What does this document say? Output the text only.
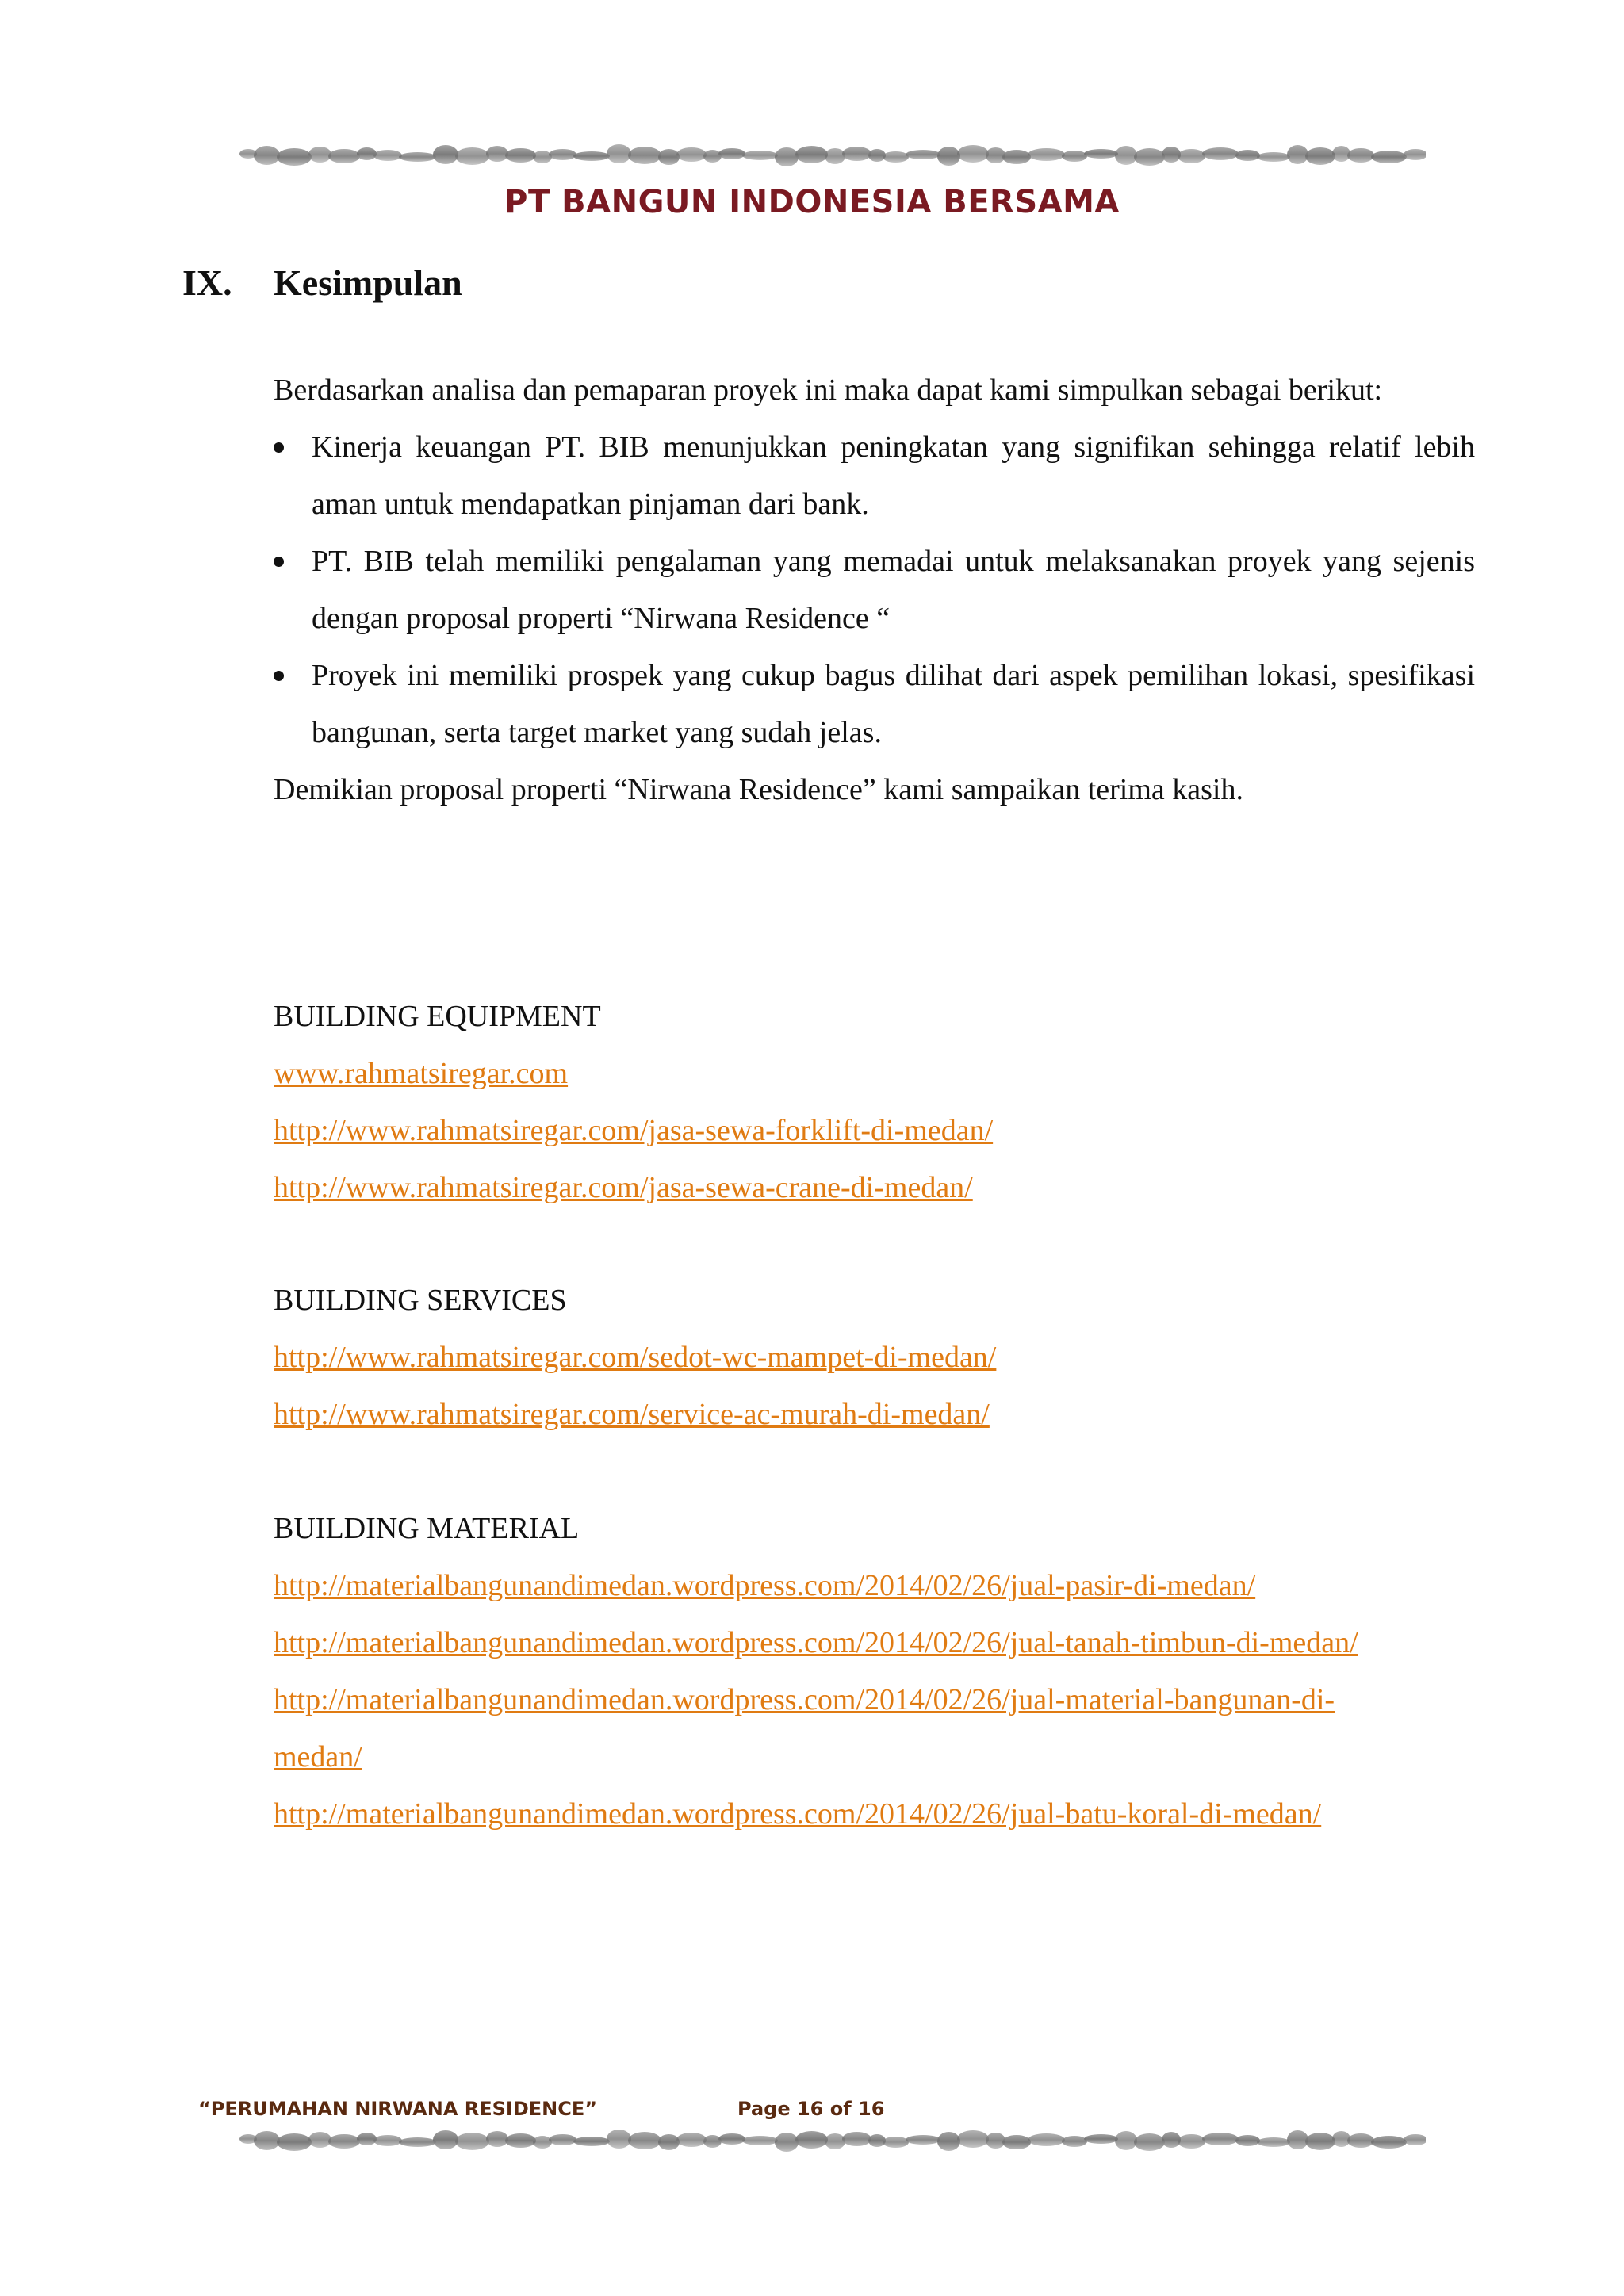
PT BANGUN INDONESIA BERSAMA
IX.	Kesimpulan

Berdasarkan analisa dan pemaparan proyek ini maka dapat kami simpulkan sebagai berikut:

Kinerja keuangan PT. BIB menunjukkan peningkatan yang signifikan sehingga relatif lebih aman untuk mendapatkan pinjaman dari bank.
PT. BIB telah memiliki pengalaman yang memadai untuk melaksanakan proyek yang sejenis dengan proposal properti “Nirwana Residence “
Proyek ini memiliki prospek yang cukup bagus dilihat dari aspek pemilihan lokasi, spesifikasi bangunan, serta target market yang sudah jelas.

Demikian proposal properti “Nirwana Residence” kami sampaikan terima kasih.

BUILDING EQUIPMENT
www.rahmatsiregar.com
http://www.rahmatsiregar.com/jasa-sewa-forklift-di-medan/
http://www.rahmatsiregar.com/jasa-sewa-crane-di-medan/
BUILDING SERVICES
http://www.rahmatsiregar.com/sedot-wc-mampet-di-medan/
http://www.rahmatsiregar.com/service-ac-murah-di-medan/
BUILDING MATERIAL
http://materialbangunandimedan.wordpress.com/2014/02/26/jual-pasir-di-medan/
http://materialbangunandimedan.wordpress.com/2014/02/26/jual-tanah-timbun-di-medan/
http://materialbangunandimedan.wordpress.com/2014/02/26/jual-material-bangunan-di-
medan/
http://materialbangunandimedan.wordpress.com/2014/02/26/jual-batu-koral-di-medan/
“PERUMAHAN NIRWANA RESIDENCE”	Page 16 of 16
